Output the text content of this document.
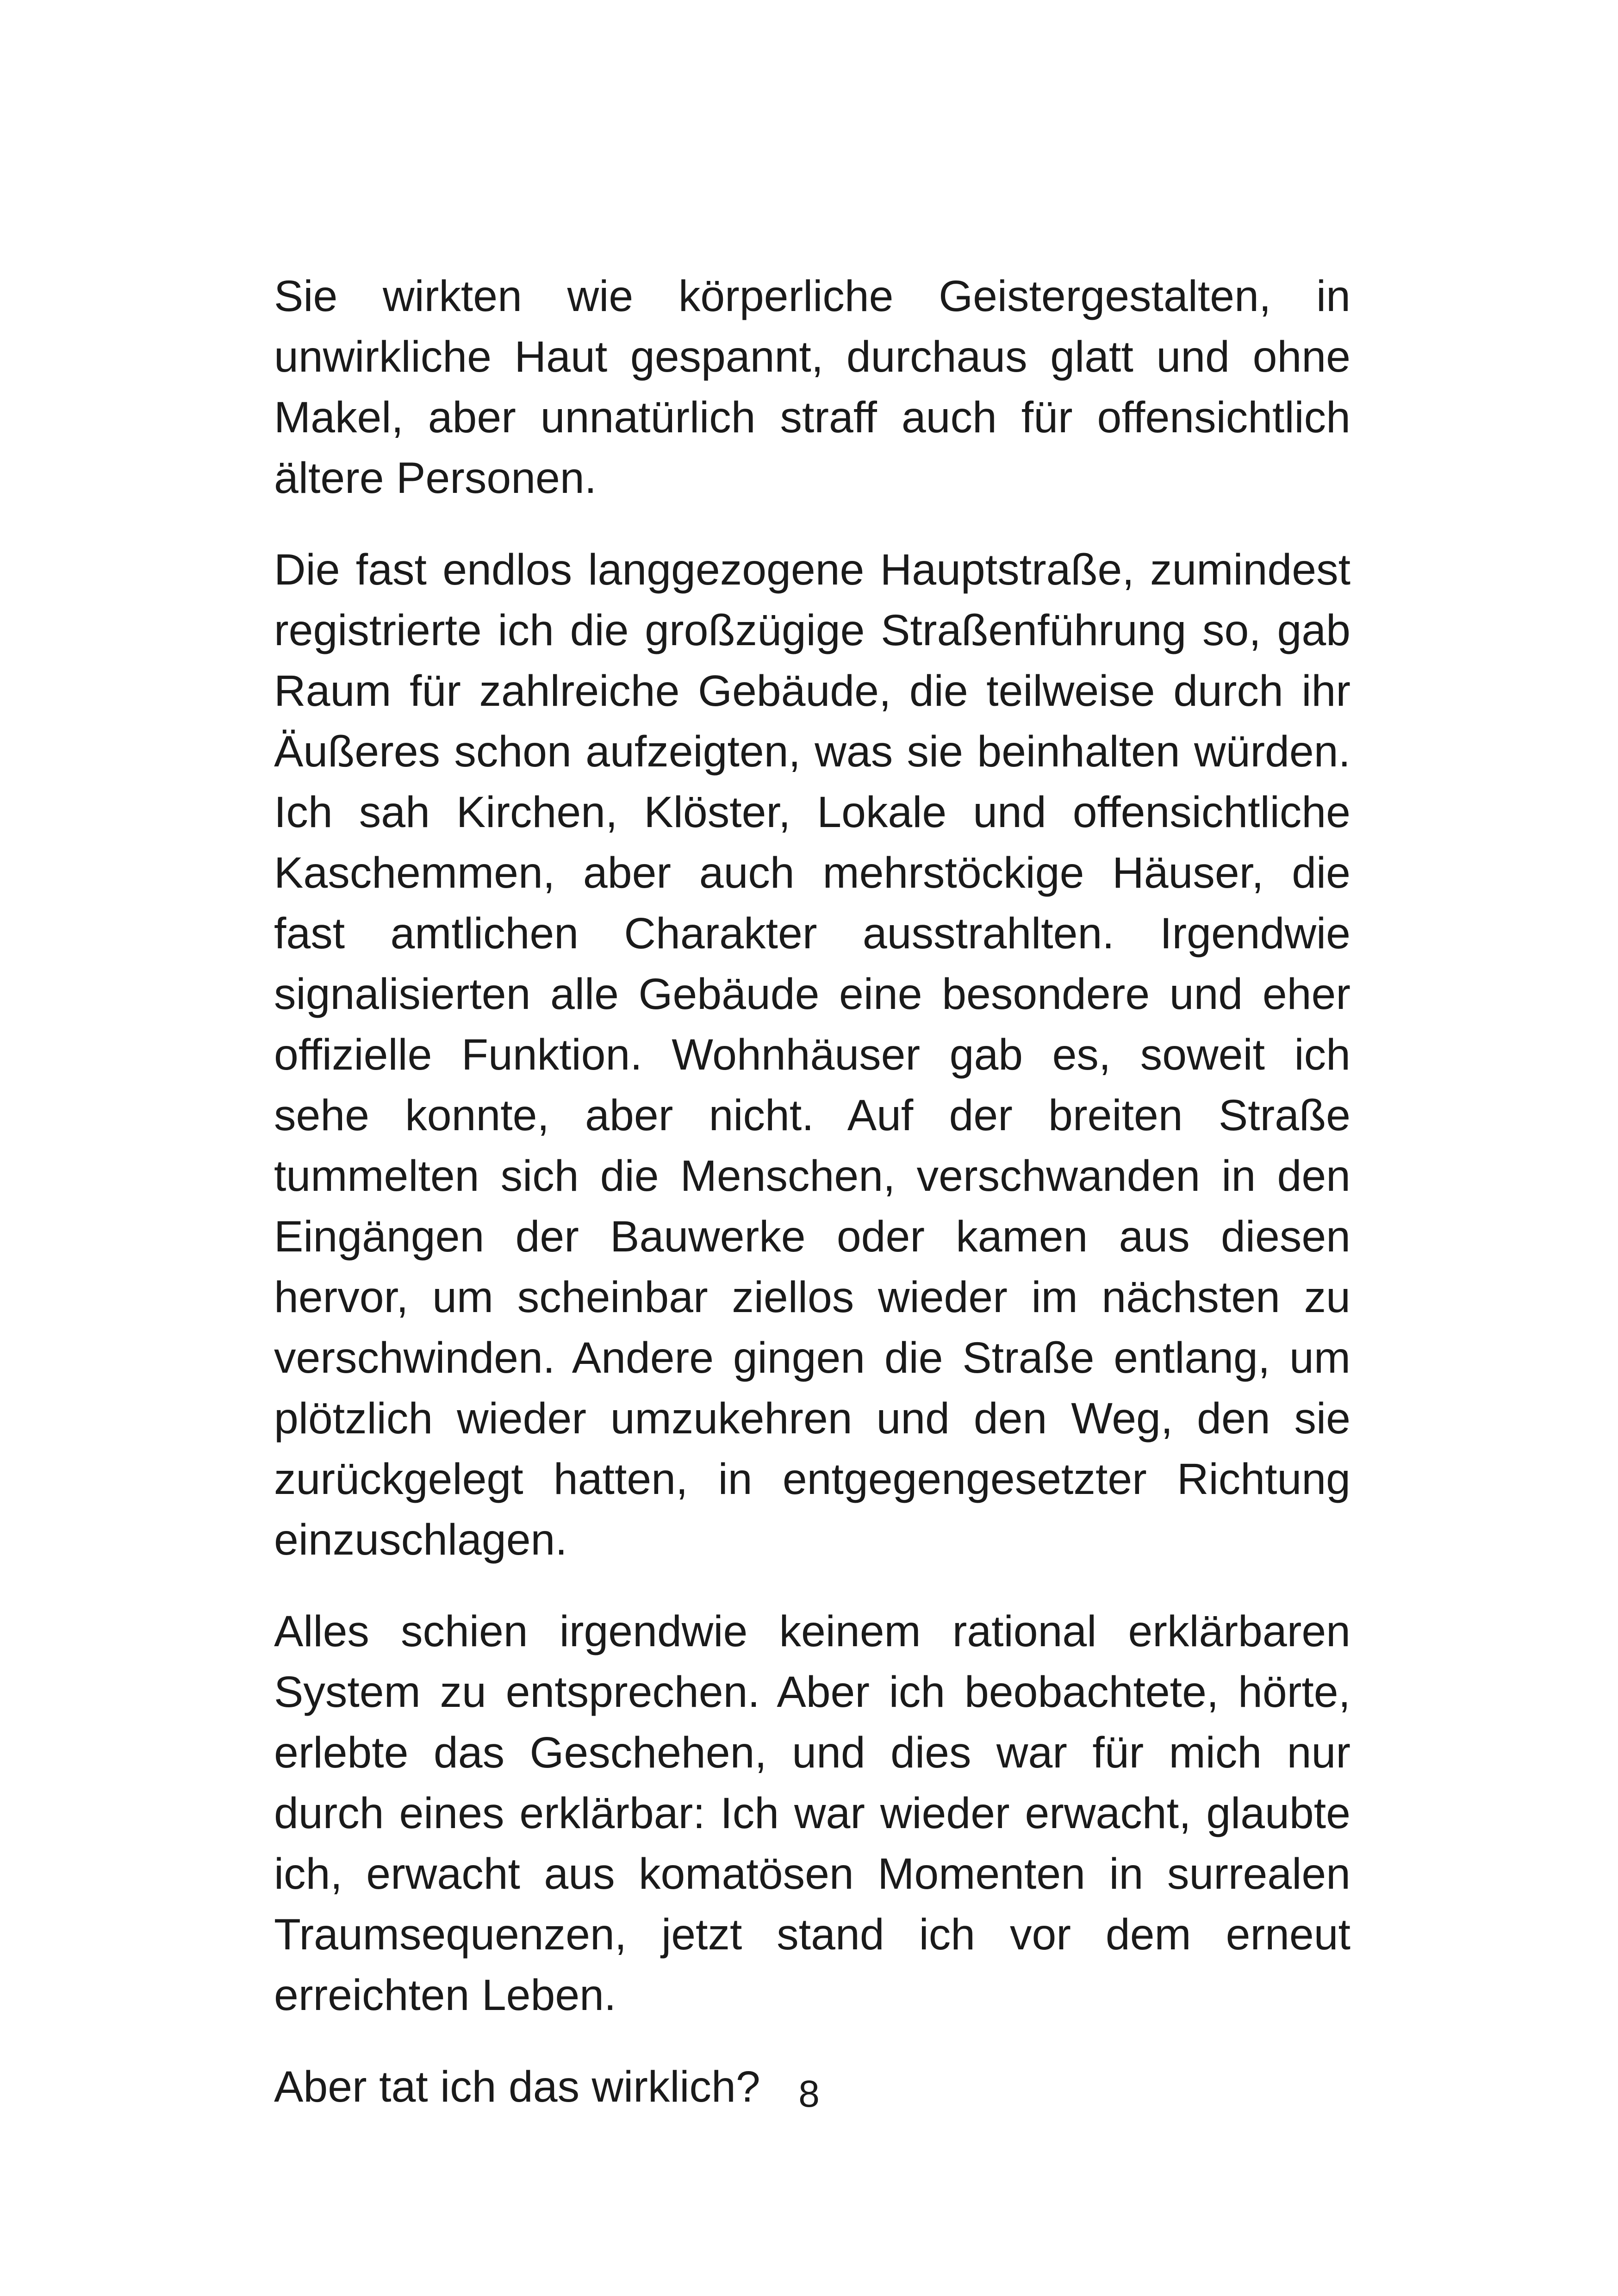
Sie wirkten wie körperliche Geistergestalten, in unwirkliche Haut gespannt, durchaus glatt und ohne Makel, aber unnatürlich straff auch für offensichtlich ältere Personen.

Die fast endlos langgezogene Hauptstraße, zumindest registrierte ich die großzügige Straßenführung so, gab Raum für zahlreiche Gebäude, die teilweise durch ihr Äußeres schon aufzeigten, was sie beinhalten würden. Ich sah Kirchen, Klöster, Lokale und offensichtliche Kaschemmen, aber auch mehrstöckige Häuser, die fast amtlichen Charakter ausstrahlten. Irgendwie signalisierten alle Gebäude eine besondere und eher offizielle Funktion. Wohnhäuser gab es, soweit ich sehe konnte, aber nicht. Auf der breiten Straße tummelten sich die Menschen, verschwanden in den Eingängen der Bauwerke oder kamen aus diesen hervor, um scheinbar ziellos wieder im nächsten zu verschwinden. Andere gingen die Straße entlang, um plötzlich wieder umzukehren und den Weg, den sie zurückgelegt hatten, in entgegengesetzter Richtung einzuschlagen.

Alles schien irgendwie keinem rational erklärbaren System zu entsprechen. Aber ich beobachtete, hörte, erlebte das Geschehen, und dies war für mich nur durch eines erklärbar: Ich war wieder erwacht, glaubte ich, erwacht aus komatösen Momenten in surrealen Traumsequenzen, jetzt stand ich vor dem erneut erreichten Leben.

Aber tat ich das wirklich?	8
